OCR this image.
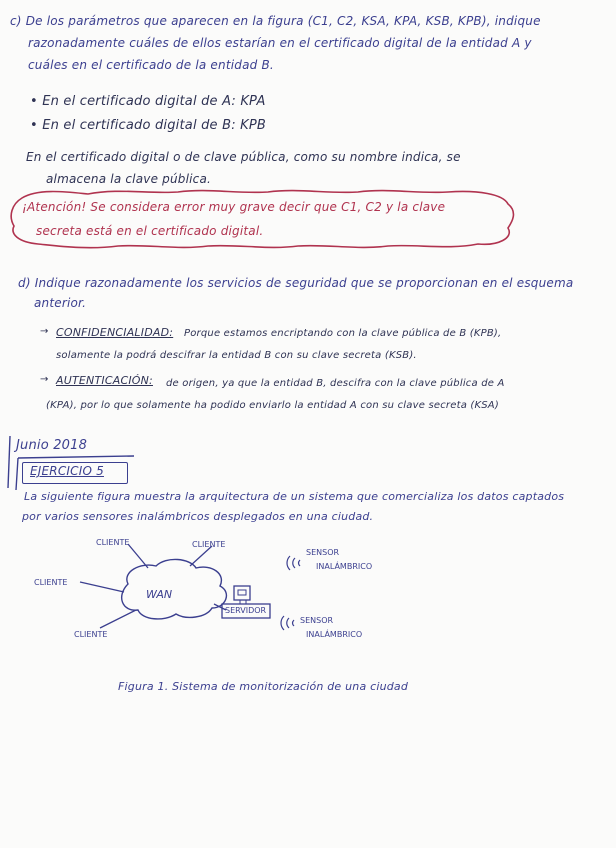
c) De los parámetros que aparecen en la figura (C1, C2, KSA, KPA, KSB, KPB), indique
razonadamente cuáles de ellos estarían en el certificado digital de la entidad A y
cuáles en el certificado de la entidad B.
• En el certificado digital de A: KPA
• En el certificado digital de B: KPB
En el certificado digital o de clave pública, como su nombre indica, se
almacena la clave pública.
¡Atención! Se considera error muy grave decir que C1, C2 y la clave
secreta está en el certificado digital.
d) Indique razonadamente los servicios de seguridad que se proporcionan en el esquema
anterior.
→ CONFIDENCIALIDAD: Porque estamos encriptando con la clave pública de B (KPB),
solamente la podrá descifrar la entidad B con su clave secreta (KSB).
→ AUTENTICACIÓN: de origen, ya que la entidad B, descifra con la clave pública de A
(KPA), por lo que solamente ha podido enviarlo la entidad A con su clave secreta (KSA)
Junio 2018
EJERCICIO 5
La siguiente figura muestra la arquitectura de un sistema que comercializa los datos captados
por varios sensores inalámbricos desplegados en una ciudad.
WAN
CLIENTE	CLIENTE
CLIENTE
CLIENTE
SERVIDOR
SENSOR
INALÁMBRICO
SENSOR
INALÁMBRICO
Figura 1. Sistema de monitorización de una ciudad
